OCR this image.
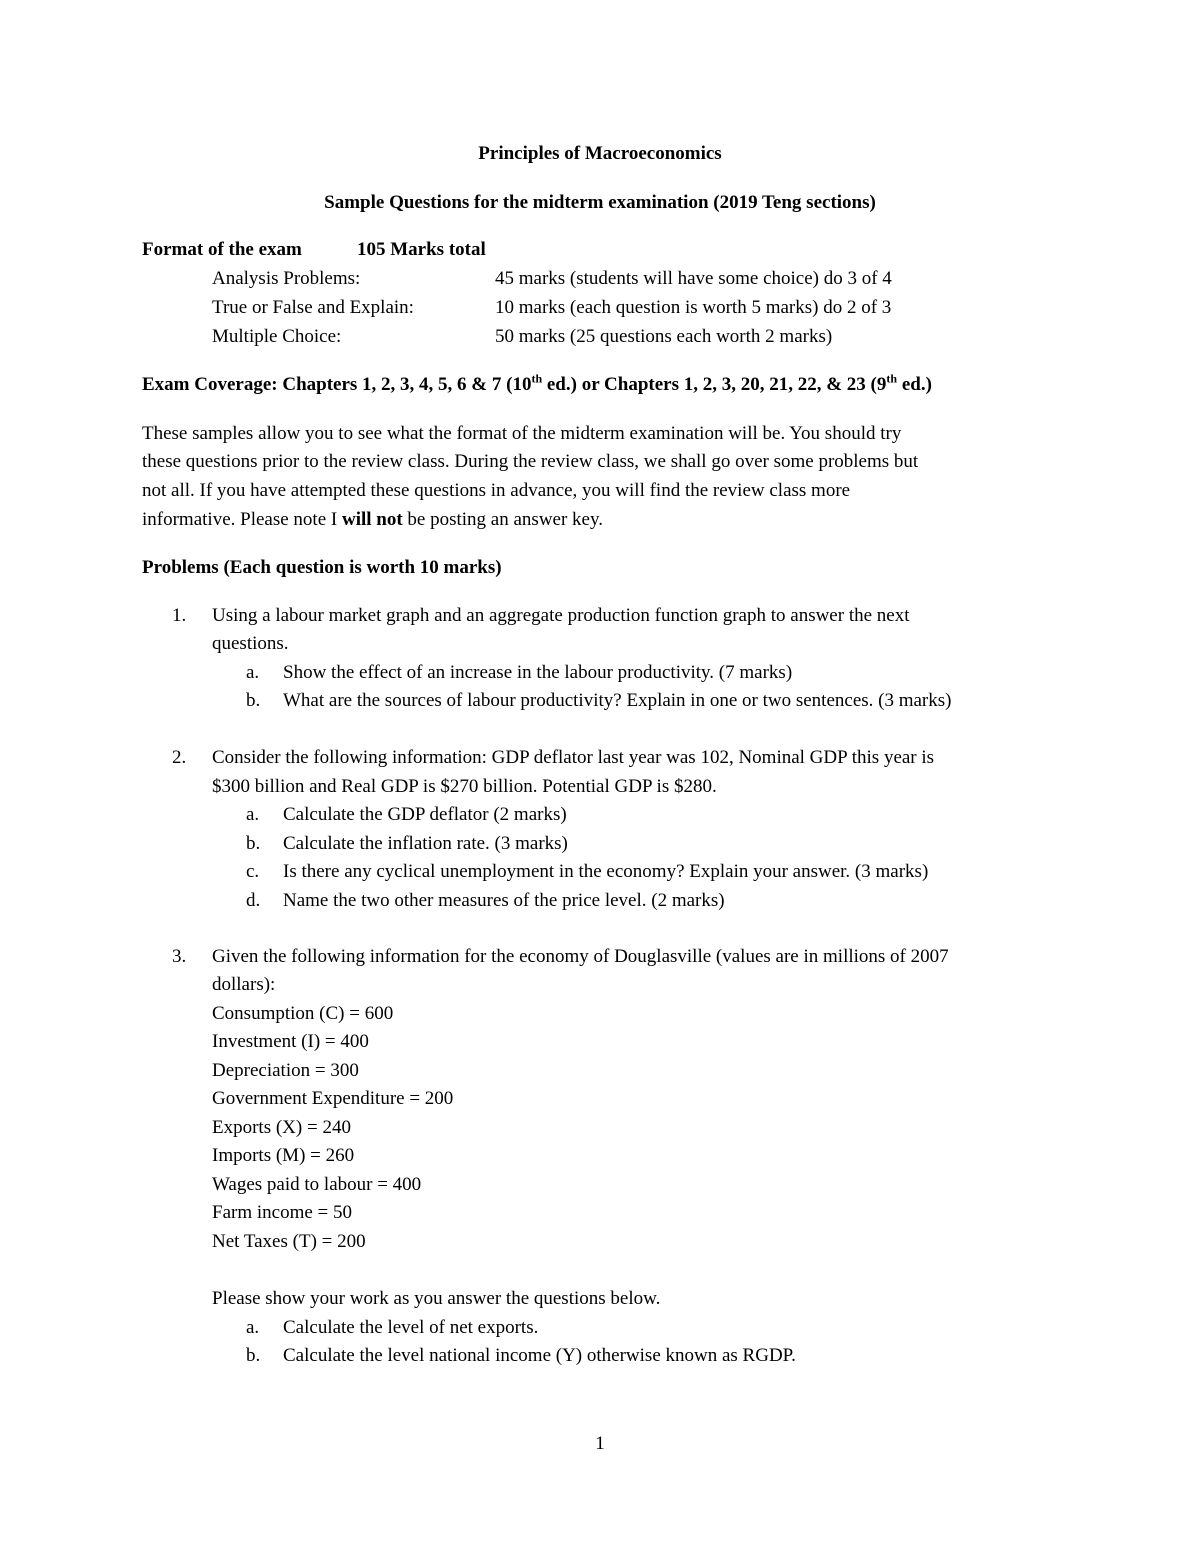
Principles of Macroeconomics
Sample Questions for the midterm examination (2019 Teng sections)
Format of the exam	105 Marks total
Analysis Problems:	45 marks (students will have some choice) do 3 of 4
True or False and Explain:	10 marks (each question is worth 5 marks) do 2 of 3
Multiple Choice:	50 marks (25 questions each worth 2 marks)
Exam Coverage: Chapters 1, 2, 3, 4, 5, 6 & 7 (10th ed.) or Chapters 1, 2, 3, 20, 21, 22, & 23 (9th ed.)
These samples allow you to see what the format of the midterm examination will be. You should try
these questions prior to the review class. During the review class, we shall go over some problems but
not all. If you have attempted these questions in advance, you will find the review class more
informative. Please note I will not be posting an answer key.
Problems (Each question is worth 10 marks)
1. Using a labour market graph and an aggregate production function graph to answer the next
questions.
a. Show the effect of an increase in the labour productivity. (7 marks)
b. What are the sources of labour productivity? Explain in one or two sentences. (3 marks)
2. Consider the following information: GDP deflator last year was 102, Nominal GDP this year is
$300 billion and Real GDP is $270 billion. Potential GDP is $280.
a. Calculate the GDP deflator (2 marks)
b. Calculate the inflation rate. (3 marks)
c. Is there any cyclical unemployment in the economy? Explain your answer. (3 marks)
d. Name the two other measures of the price level. (2 marks)
3. Given the following information for the economy of Douglasville (values are in millions of 2007
dollars):
Consumption (C) = 600
Investment (I) = 400
Depreciation = 300
Government Expenditure = 200
Exports (X) = 240
Imports (M) = 260
Wages paid to labour = 400
Farm income = 50
Net Taxes (T) = 200
Please show your work as you answer the questions below.
a. Calculate the level of net exports.
b. Calculate the level national income (Y) otherwise known as RGDP.
1
